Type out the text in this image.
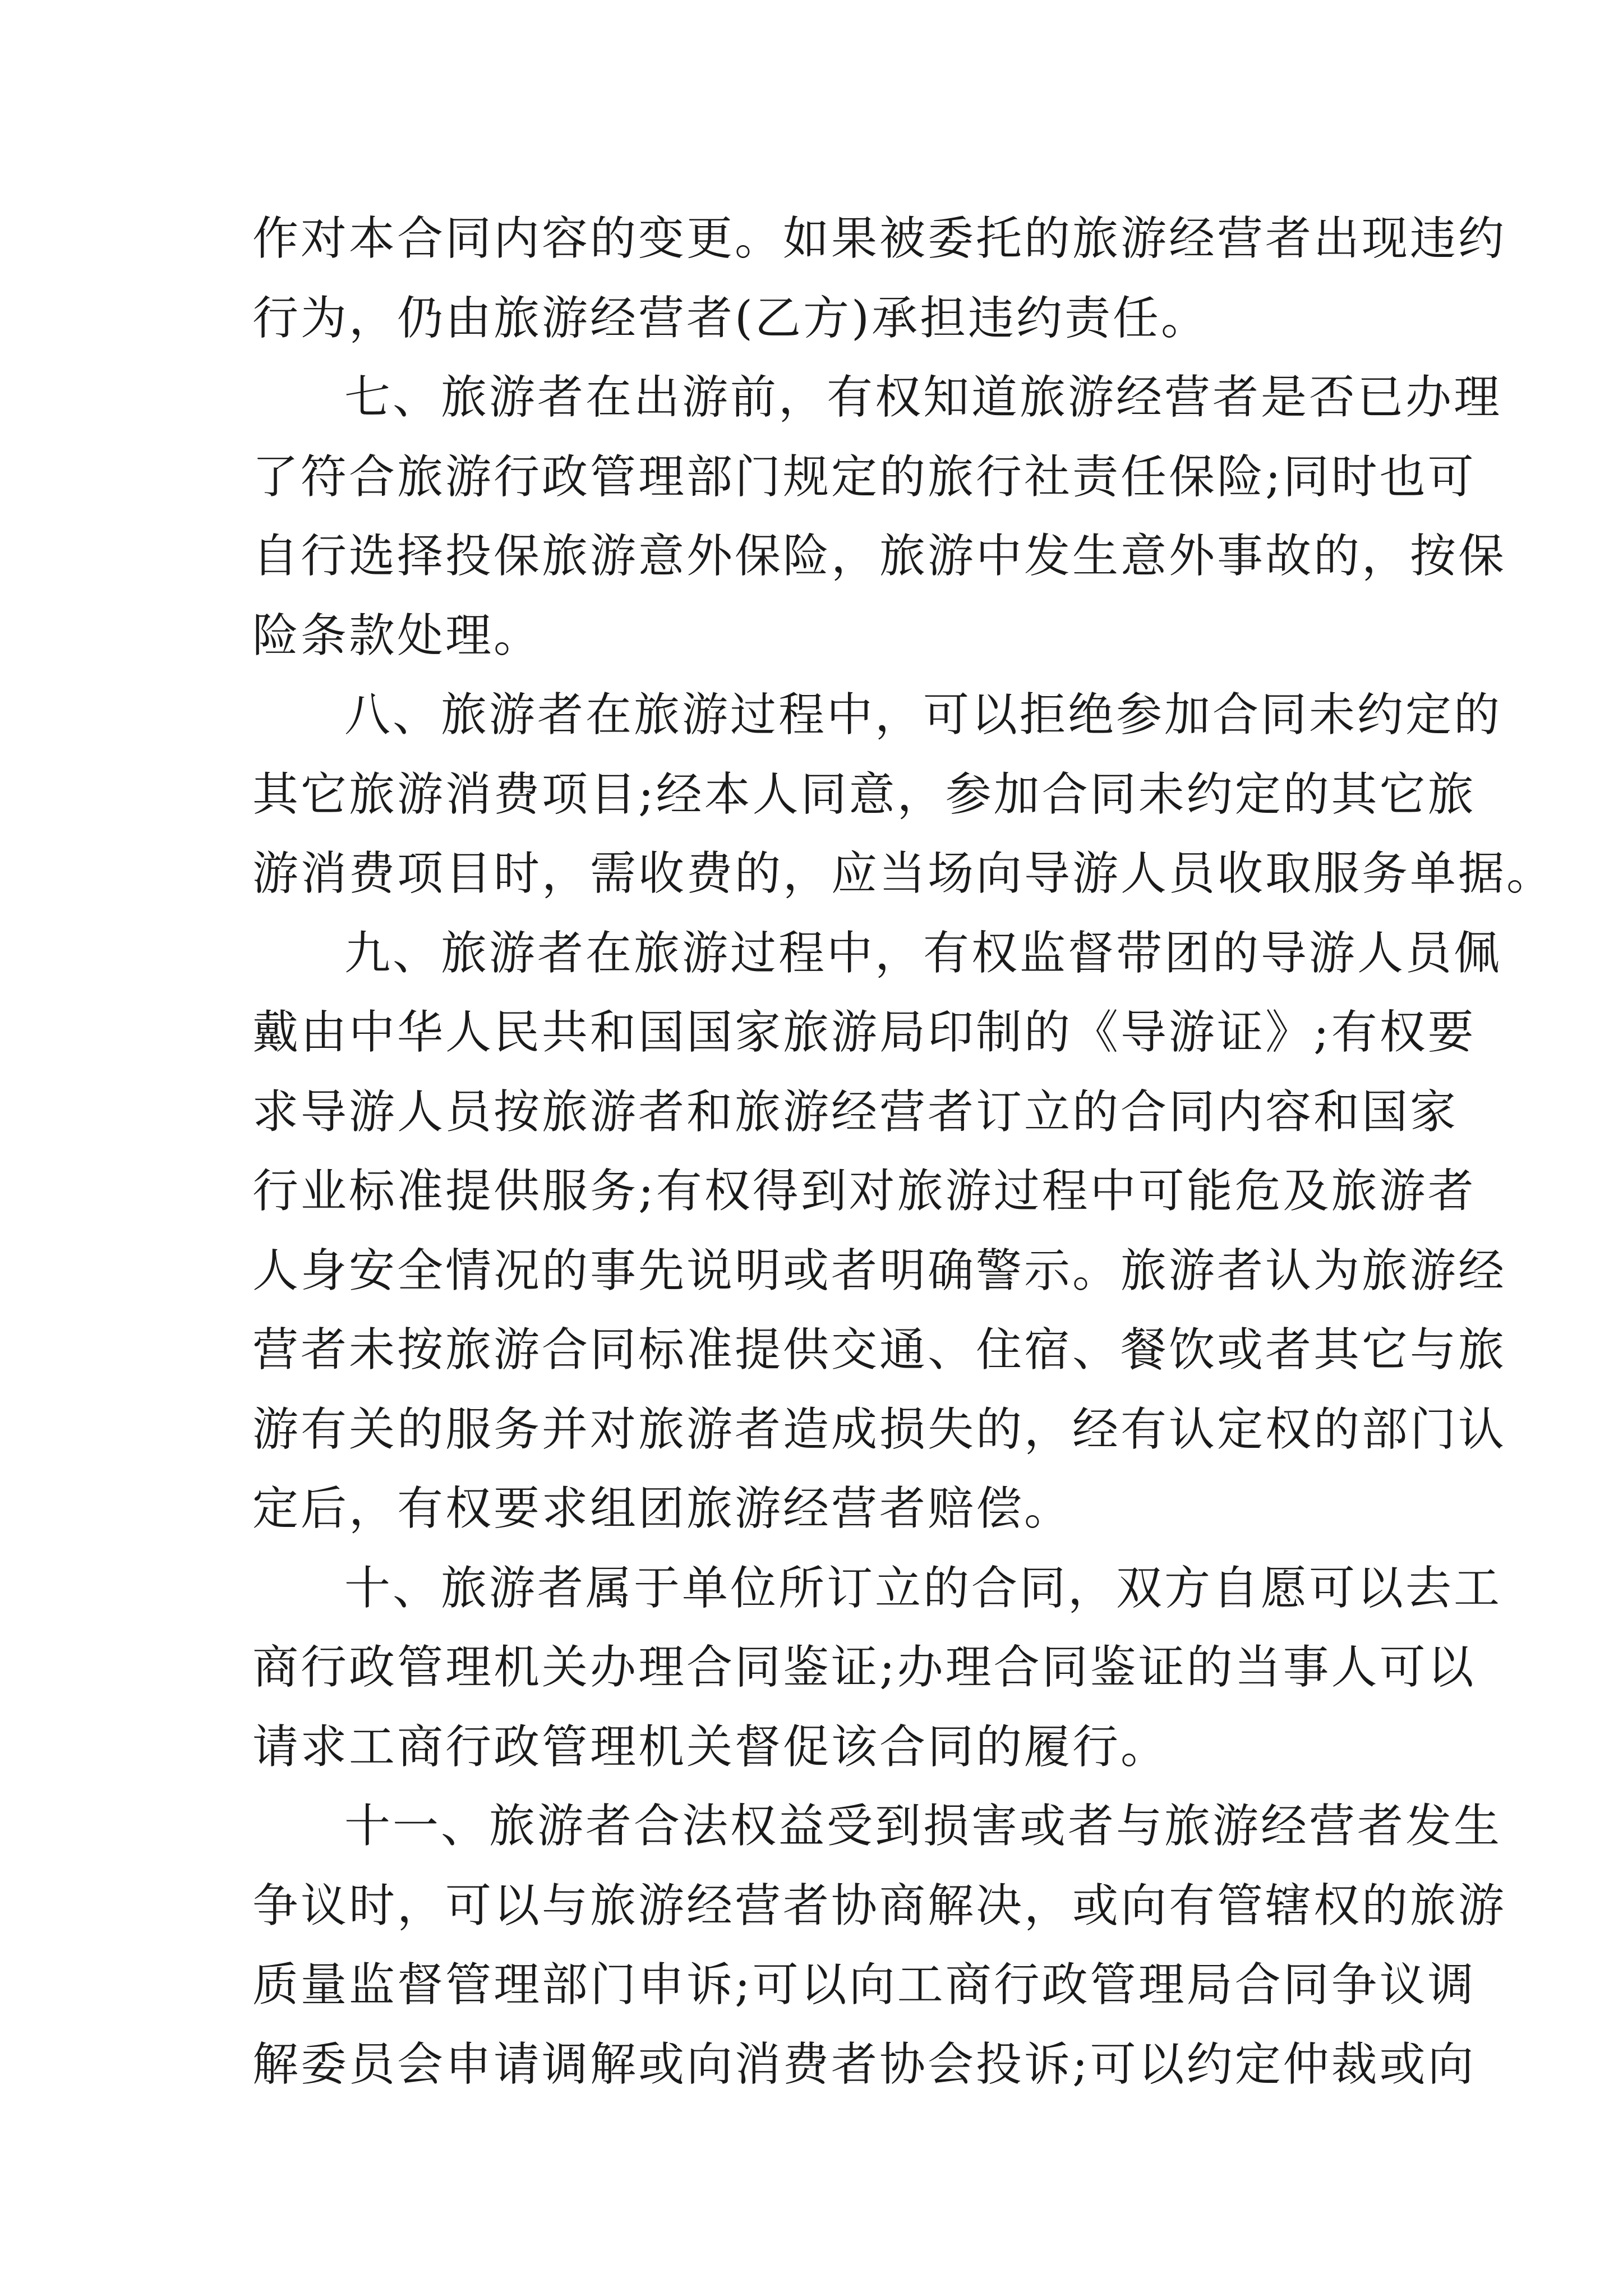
作对本合同内容的变更。如果被委托的旅游经营者出现违约
行为，仍由旅游经营者(乙方)承担违约责任。
七、旅游者在出游前，有权知道旅游经营者是否已办理
了符合旅游行政管理部门规定的旅行社责任保险;同时也可
自行选择投保旅游意外保险，旅游中发生意外事故的，按保
险条款处理。
八、旅游者在旅游过程中，可以拒绝参加合同未约定的
其它旅游消费项目;经本人同意，参加合同未约定的其它旅
游消费项目时，需收费的，应当场向导游人员收取服务单据。
九、旅游者在旅游过程中，有权监督带团的导游人员佩
戴由中华人民共和国国家旅游局印制的《导游证》;有权要
求导游人员按旅游者和旅游经营者订立的合同内容和国家
行业标准提供服务;有权得到对旅游过程中可能危及旅游者
人身安全情况的事先说明或者明确警示。旅游者认为旅游经
营者未按旅游合同标准提供交通、住宿、餐饮或者其它与旅
游有关的服务并对旅游者造成损失的，经有认定权的部门认
定后，有权要求组团旅游经营者赔偿。
十、旅游者属于单位所订立的合同，双方自愿可以去工
商行政管理机关办理合同鉴证;办理合同鉴证的当事人可以
请求工商行政管理机关督促该合同的履行。
十一、旅游者合法权益受到损害或者与旅游经营者发生
争议时，可以与旅游经营者协商解决，或向有管辖权的旅游
质量监督管理部门申诉;可以向工商行政管理局合同争议调
解委员会申请调解或向消费者协会投诉;可以约定仲裁或向
